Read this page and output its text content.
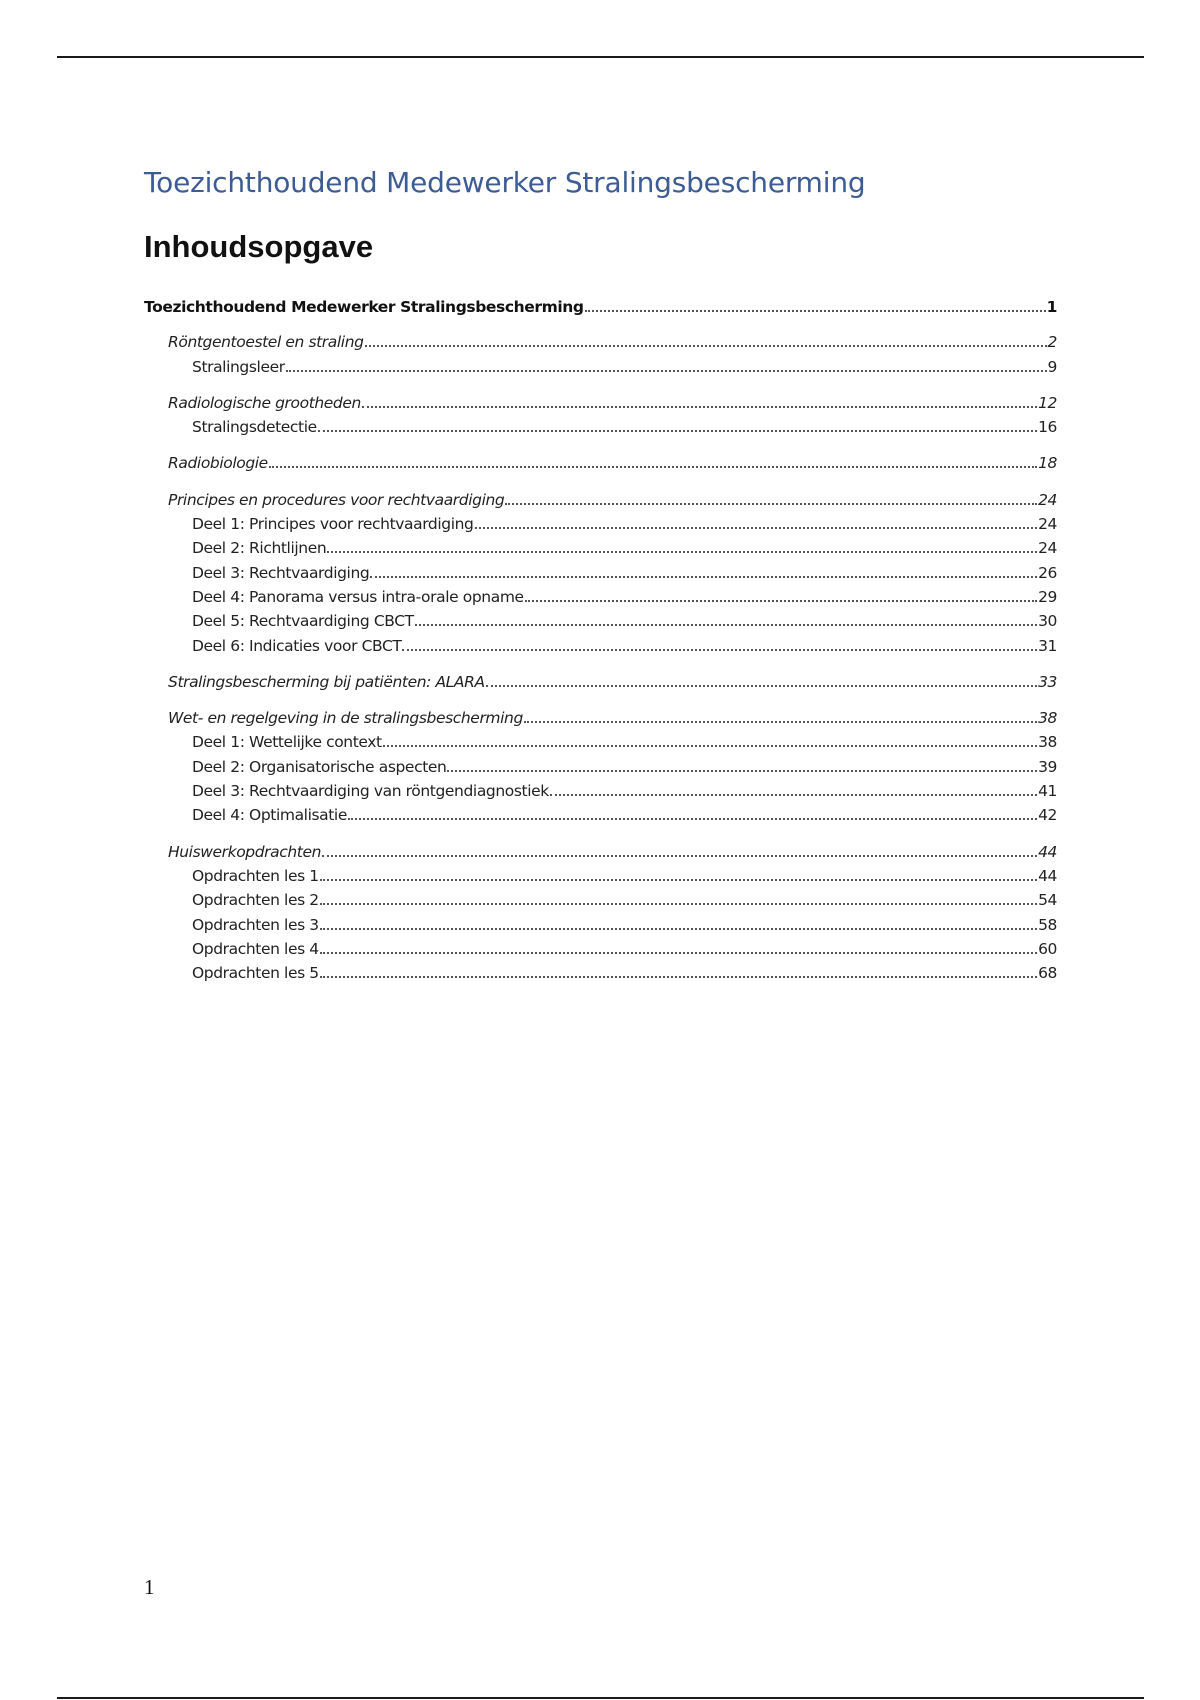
Toezichthoudend Medewerker Stralingsbescherming
Inhoudsopgave
Toezichthoudend Medewerker Stralingsbescherming	1
Röntgentoestel en straling	2
Stralingsleer	9
Radiologische grootheden	12
Stralingsdetectie	16
Radiobiologie	18
Principes en procedures voor rechtvaardiging	24
Deel 1: Principes voor rechtvaardiging	24
Deel 2: Richtlijnen	24
Deel 3: Rechtvaardiging	26
Deel 4: Panorama versus intra-orale opname	29
Deel 5: Rechtvaardiging CBCT	30
Deel 6: Indicaties voor CBCT	31
Stralingsbescherming bij patiënten: ALARA	33
Wet- en regelgeving in de stralingsbescherming	38
Deel 1: Wettelijke context	38
Deel 2: Organisatorische aspecten	39
Deel 3: Rechtvaardiging van röntgendiagnostiek	41
Deel 4: Optimalisatie	42
Huiswerkopdrachten	44
Opdrachten les 1	44
Opdrachten les 2	54
Opdrachten les 3	58
Opdrachten les 4	60
Opdrachten les 5	68
1
